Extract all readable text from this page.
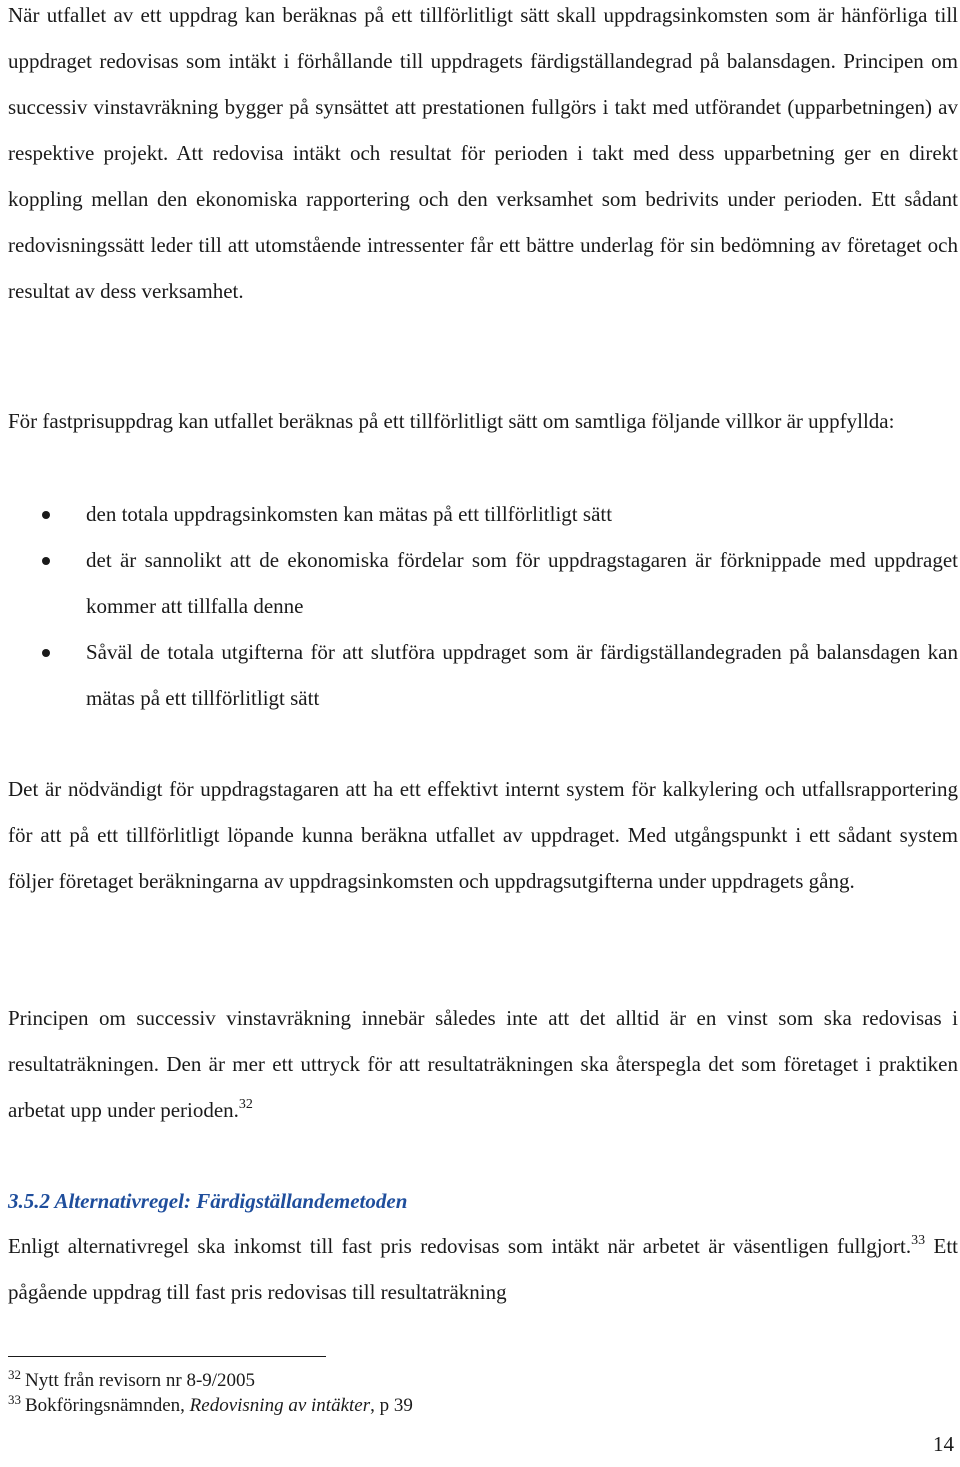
När utfallet av ett uppdrag kan beräknas på ett tillförlitligt sätt skall uppdragsinkomsten som är hänförliga till uppdraget redovisas som intäkt i förhållande till uppdragets färdigställandegrad på balansdagen. Principen om successiv vinstavräkning bygger på synsättet att prestationen fullgörs i takt med utförandet (upparbetningen) av respektive projekt. Att redovisa intäkt och resultat för perioden i takt med dess upparbetning ger en direkt koppling mellan den ekonomiska rapportering och den verksamhet som bedrivits under perioden. Ett sådant redovisningssätt leder till att utomstående intressenter får ett bättre underlag för sin bedömning av företaget och resultat av dess verksamhet.

För fastprisuppdrag kan utfallet beräknas på ett tillförlitligt sätt om samtliga följande villkor är uppfyllda:

den totala uppdragsinkomsten kan mätas på ett tillförlitligt sätt
det är sannolikt att de ekonomiska fördelar som för uppdragstagaren är förknippade med uppdraget kommer att tillfalla denne
Såväl de totala utgifterna för att slutföra uppdraget som är färdigställandegraden på balansdagen kan mätas på ett tillförlitligt sätt

Det är nödvändigt för uppdragstagaren att ha ett effektivt internt system för kalkylering och utfallsrapportering för att på ett tillförlitligt löpande kunna beräkna utfallet av uppdraget. Med utgångspunkt i ett sådant system följer företaget beräkningarna av uppdragsinkomsten och uppdragsutgifterna under uppdragets gång.

Principen om successiv vinstavräkning innebär således inte att det alltid är en vinst som ska redovisas i resultaträkningen. Den är mer ett uttryck för att resultaträkningen ska återspegla det som företaget i praktiken arbetat upp under perioden.$^{32}$

3.5.2 Alternativregel: Färdigställandemetoden

Enligt alternativregel ska inkomst till fast pris redovisas som intäkt när arbetet är väsentligen fullgjort.$^{33}$ Ett pågående uppdrag till fast pris redovisas till resultaträkning

$^{32}$ Nytt från revisorn nr 8-9/2005
$^{33}$ Bokföringsnämnden, Redovisning av intäkter, p 39
14
